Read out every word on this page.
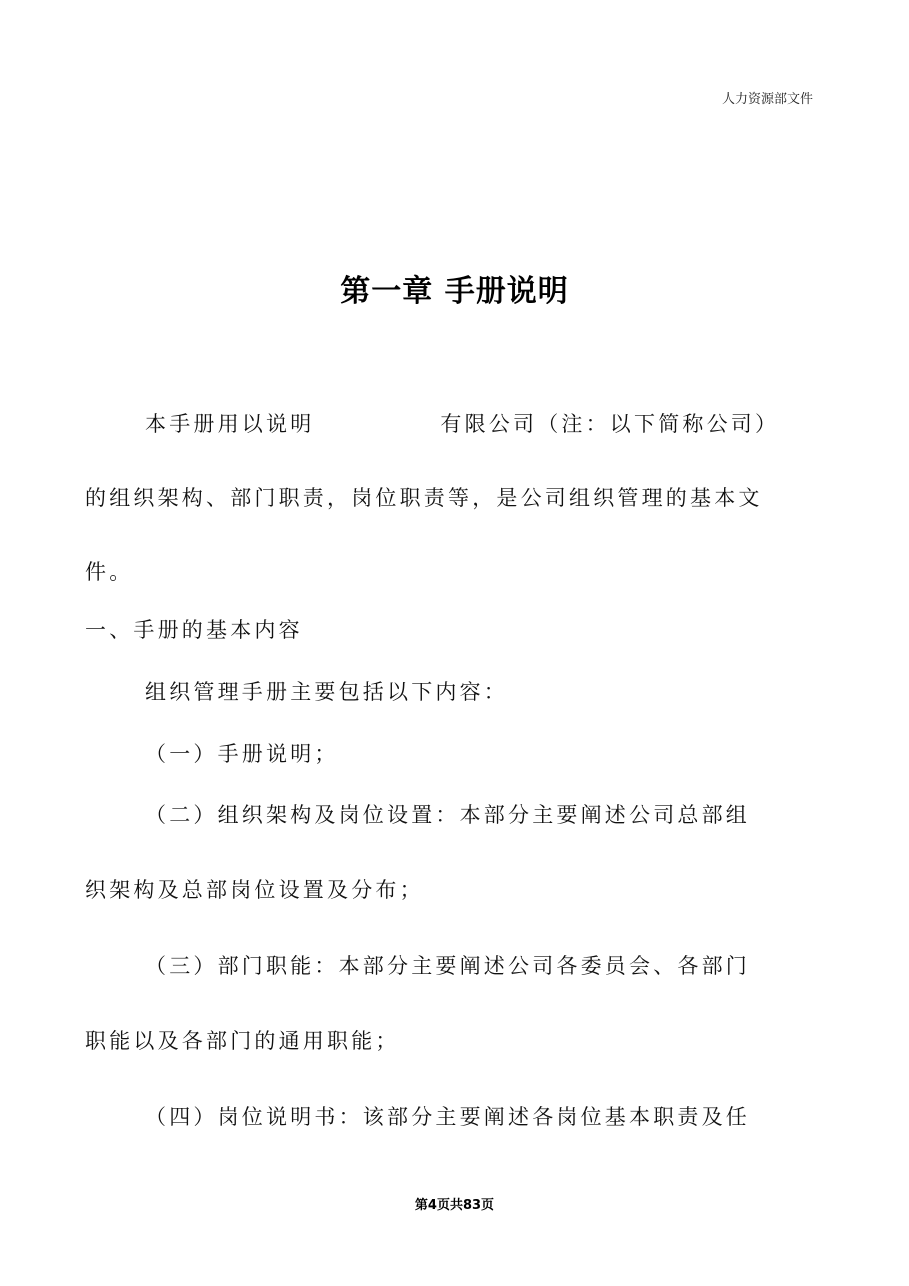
人力资源部文件
第一章 手册说明
本手册用以说明	有限公司（注：以下简称公司）
的组织架构、部门职责，岗位职责等，是公司组织管理的基本文
件。
一、手册的基本内容
组织管理手册主要包括以下内容：
（一）手册说明；
（二）组织架构及岗位设置：本部分主要阐述公司总部组
织架构及总部岗位设置及分布；
（三）部门职能：本部分主要阐述公司各委员会、各部门
职能以及各部门的通用职能；
（四）岗位说明书：该部分主要阐述各岗位基本职责及任
第4页共83页
